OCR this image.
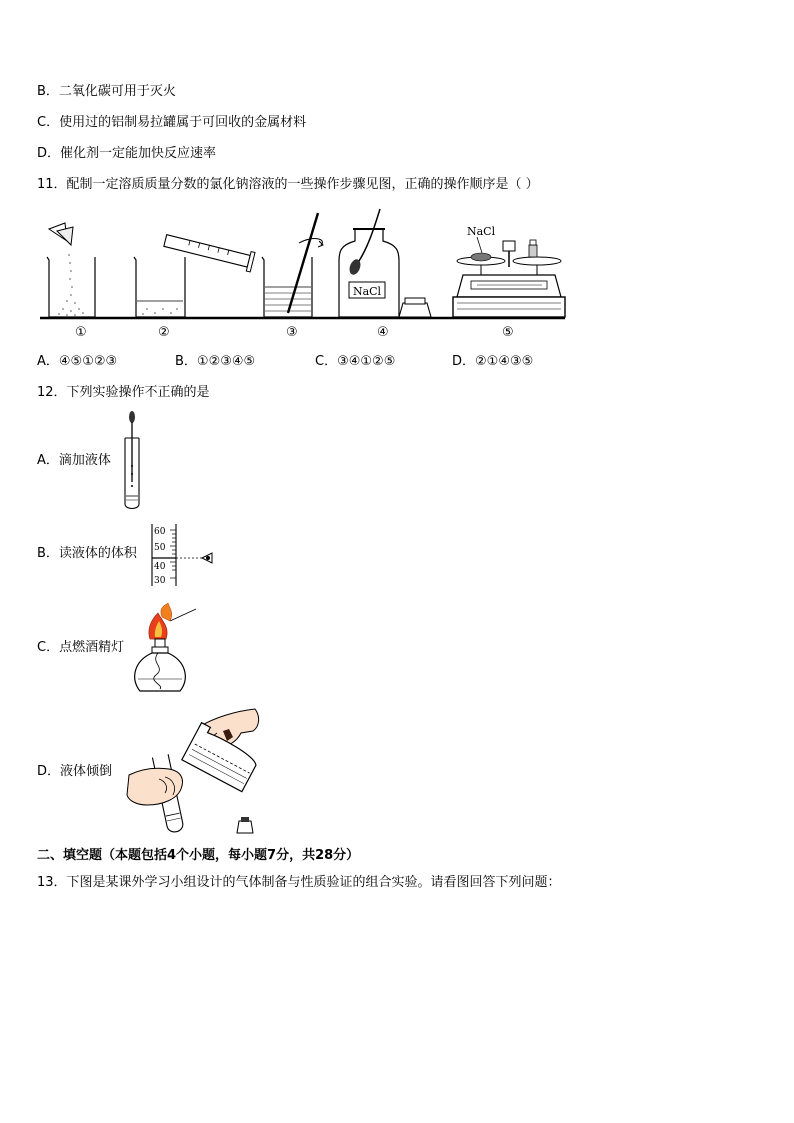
B．二氧化碳可用于灭火
C．使用过的铝制易拉罐属于可回收的金属材料
D．催化剂一定能加快反应速率
11．配制一定溶质质量分数的氯化钠溶液的一些操作步骤见图，正确的操作顺序是（ ）
NaCl
NaCl
①	②	③	④	⑤
A．④⑤①②③	B．①②③④⑤	C．③④①②⑤	D．②①④③⑤
12．下列实验操作不正确的是
A．滴加液体
B．读液体的体积
60
50
40
30
C．点燃酒精灯
D．液体倾倒
二、填空题（本题包括4个小题，每小题7分，共28分）
13．下图是某课外学习小组设计的气体制备与性质验证的组合实验。请看图回答下列问题：
